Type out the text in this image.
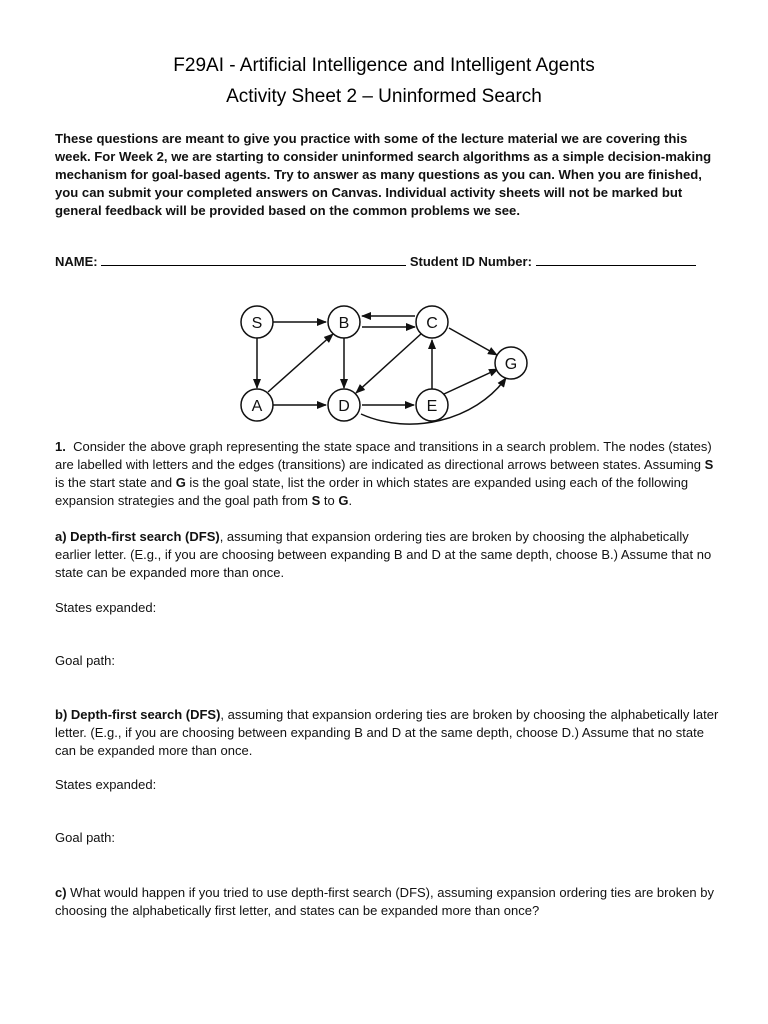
F29AI - Artificial Intelligence and Intelligent Agents
Activity Sheet 2 – Uninformed Search

These questions are meant to give you practice with some of the lecture material we are covering this week. For Week 2, we are starting to consider uninformed search algorithms as a simple decision-making mechanism for goal-based agents. Try to answer as many questions as you can. When you are finished, you can submit your completed answers on Canvas. Individual activity sheets will not be marked but general feedback will be provided based on the common problems we see.

NAME:	Student ID Number:
S	B	C
G
A	D	E

1. Consider the above graph representing the state space and transitions in a search problem. The nodes (states) are labelled with letters and the edges (transitions) are indicated as directional arrows between states. Assuming S is the start state and G is the goal state, list the order in which states are expanded using each of the following expansion strategies and the goal path from S to G.

a) Depth-first search (DFS), assuming that expansion ordering ties are broken by choosing the alphabetically earlier letter. (E.g., if you are choosing between expanding B and D at the same depth, choose B.) Assume that no state can be expanded more than once.

States expanded:

Goal path:

b) Depth-first search (DFS), assuming that expansion ordering ties are broken by choosing the alphabetically later letter. (E.g., if you are choosing between expanding B and D at the same depth, choose D.) Assume that no state can be expanded more than once.

States expanded:

Goal path:

c) What would happen if you tried to use depth-first search (DFS), assuming expansion ordering ties are broken by choosing the alphabetically first letter, and states can be expanded more than once?
